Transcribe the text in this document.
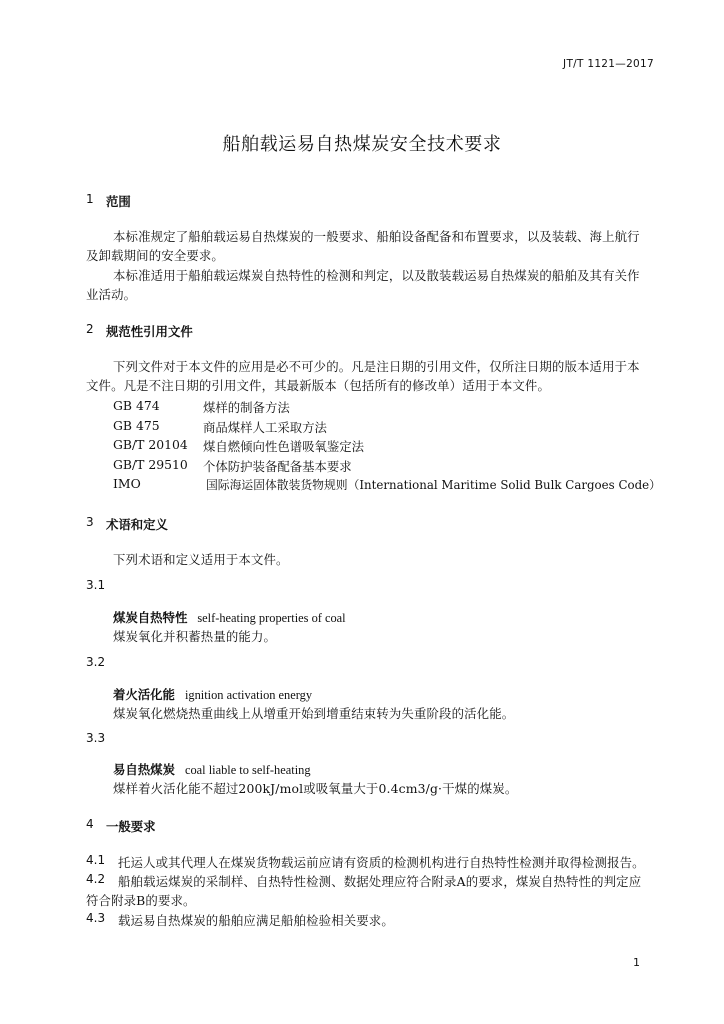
JT/T 1121—2017
船舶载运易自热煤炭安全技术要求
1 范围
本标准规定了船舶载运易自热煤炭的一般要求、船舶设备配备和布置要求，以及装载、海上航行
及卸载期间的安全要求。
本标准适用于船舶载运煤炭自热特性的检测和判定，以及散装载运易自热煤炭的船舶及其有关作
业活动。
2 规范性引用文件
下列文件对于本文件的应用是必不可少的。凡是注日期的引用文件，仅所注日期的版本适用于本
文件。凡是不注日期的引用文件，其最新版本（包括所有的修改单）适用于本文件。
GB 474	煤样的制备方法
GB 475	商品煤样人工采取方法
GB/T 20104 煤自燃倾向性色谱吸氧鉴定法
GB/T 29510 个体防护装备配备基本要求
IMO	国际海运固体散装货物规则（International Maritime Solid Bulk Cargoes Code）
3 术语和定义
下列术语和定义适用于本文件。
3.1
煤炭自热特性 self-heating properties of coal
煤炭氧化并积蓄热量的能力。
3.2
着火活化能 ignition activation energy
煤炭氧化燃烧热重曲线上从增重开始到增重结束转为失重阶段的活化能。
3.3
易自热煤炭 coal liable to self-heating
煤样着火活化能不超过200kJ/mol或吸氧量大于0.4cm3/g·干煤的煤炭。
4 一般要求
4.1 托运人或其代理人在煤炭货物载运前应请有资质的检测机构进行自热特性检测并取得检测报告。
4.2 船舶载运煤炭的采制样、自热特性检测、数据处理应符合附录A的要求，煤炭自热特性的判定应
符合附录B的要求。
4.3 载运易自热煤炭的船舶应满足船舶检验相关要求。
1
